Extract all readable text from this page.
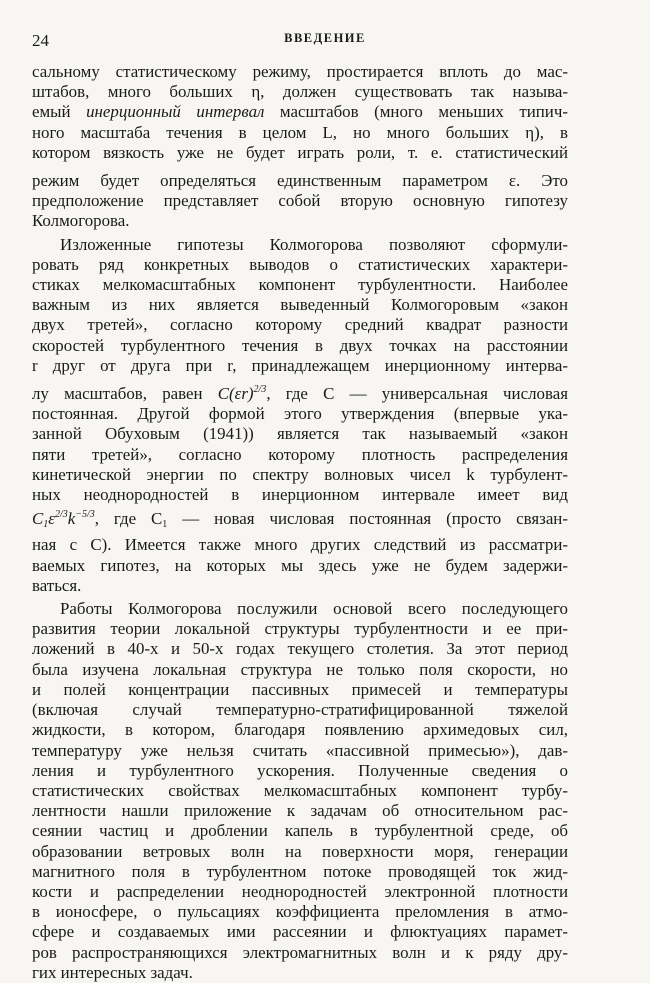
24	ВВЕДЕНИЕ
сальному статистическому режиму, простирается вплоть до мас-
штабов, много больших η, должен существовать так называ-
емый инерционный интервал масштабов (много меньших типич-
ного масштаба течения в целом L, но много больших η), в
котором вязкость уже не будет играть роли, т. е. статистический
режим будет определяться единственным параметром ε. Это
предположение представляет собой вторую основную гипотезу
Колмогорова.
Изложенные гипотезы Колмогорова позволяют сформули-
ровать ряд конкретных выводов о статистических характери-
стиках мелкомасштабных компонент турбулентности. Наиболее
важным из них является выведенный Колмогоровым «закон
двух третей», согласно которому средний квадрат разности
скоростей турбулентного течения в двух точках на расстоянии
r друг от друга при r, принадлежащем инерционному интерва-
лу масштабов, равен $C(\varepsilon r)^{2/3}$, где C — универсальная числовая
постоянная. Другой формой этого утверждения (впервые ука-
занной Обуховым (1941)) является так называемый «закон
пяти третей», согласно которому плотность распределения
кинетической энергии по спектру волновых чисел k турбулент-
ных неоднородностей в инерционном интервале имеет вид
$C_1\varepsilon^{2/3}k^{-5/3}$, где $C_1$ — новая числовая постоянная (просто связан-
ная с C). Имеется также много других следствий из рассматри-
ваемых гипотез, на которых мы здесь уже не будем задержи-
ваться.
Работы Колмогорова послужили основой всего последующего
развития теории локальной структуры турбулентности и ее при-
ложений в 40-х и 50-х годах текущего столетия. За этот период
была изучена локальная структура не только поля скорости, но
и полей концентрации пассивных примесей и температуры
(включая случай температурно-стратифицированной тяжелой
жидкости, в котором, благодаря появлению архимедовых сил,
температуру уже нельзя считать «пассивной примесью»), дав-
ления и турбулентного ускорения. Полученные сведения о
статистических свойствах мелкомасштабных компонент турбу-
лентности нашли приложение к задачам об относительном рас-
сеянии частиц и дроблении капель в турбулентной среде, об
образовании ветровых волн на поверхности моря, генерации
магнитного поля в турбулентном потоке проводящей ток жид-
кости и распределении неоднородностей электронной плотности
в ионосфере, о пульсациях коэффициента преломления в атмо-
сфере и создаваемых ими рассеянии и флюктуациях парамет-
ров распространяющихся электромагнитных волн и к ряду дру-
гих интересных задач.
